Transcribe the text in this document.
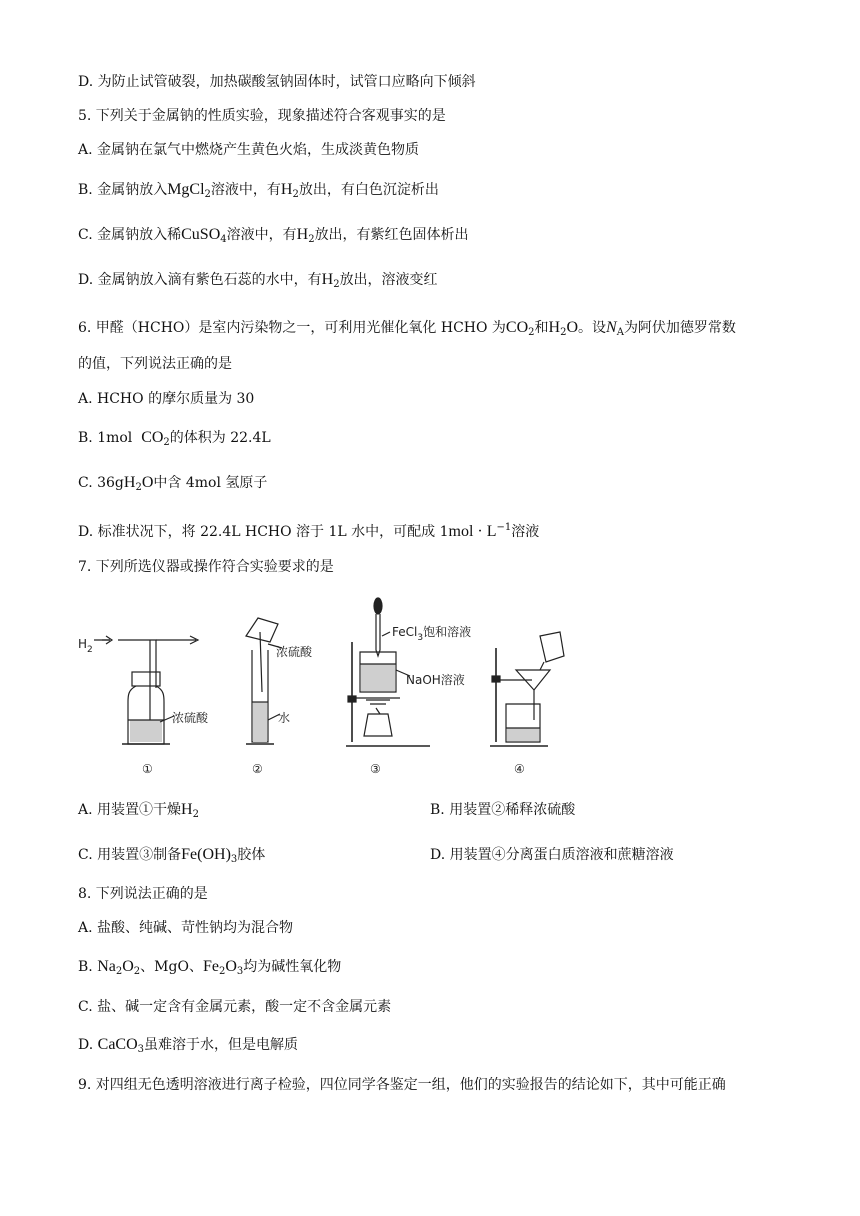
D. 为防止试管破裂，加热碳酸氢钠固体时，试管口应略向下倾斜
5. 下列关于金属钠的性质实验，现象描述符合客观事实的是
A. 金属钠在氯气中燃烧产生黄色火焰，生成淡黄色物质
B. 金属钠放入MgCl$_2$溶液中，有$H_2$放出，有白色沉淀析出
C. 金属钠放入稀CuSO$_4$溶液中，有$H_2$放出，有紫红色固体析出
D. 金属钠放入滴有紫色石蕊的水中，有$H_2$放出，溶液变红
6. 甲醛（HCHO）是室内污染物之一，可利用光催化氧化 HCHO 为$CO_2$和$H_2O$。设$N_A$为阿伏加德罗常数
的值，下列说法正确的是
A. HCHO 的摩尔质量为 30
B. 1mol $CO_2$的体积为 22.4L
C. $36gH_2O$中含 4mol 氢原子
D. 标准状况下，将 22.4L HCHO 溶于 1L 水中，可配成 $1mol \cdot L^{-1}$溶液
7. 下列所选仪器或操作符合实验要求的是
$H_2$
浓硫酸
①
浓硫酸
水
②
FeCl$_3$饱和溶液
NaOH溶液
③	④
A. 用装置①干燥$H_2$	B. 用装置②稀释浓硫酸
C. 用装置③制备$Fe(OH)_3$胶体	D. 用装置④分离蛋白质溶液和蔗糖溶液
8. 下列说法正确的是
A. 盐酸、纯碱、苛性钠均为混合物
B. $Na_2O_2$、MgO、$Fe_2O_3$均为碱性氧化物
C. 盐、碱一定含有金属元素，酸一定不含金属元素
D. CaCO$_3$虽难溶于水，但是电解质
9. 对四组无色透明溶液进行离子检验，四位同学各鉴定一组，他们的实验报告的结论如下，其中可能正确
